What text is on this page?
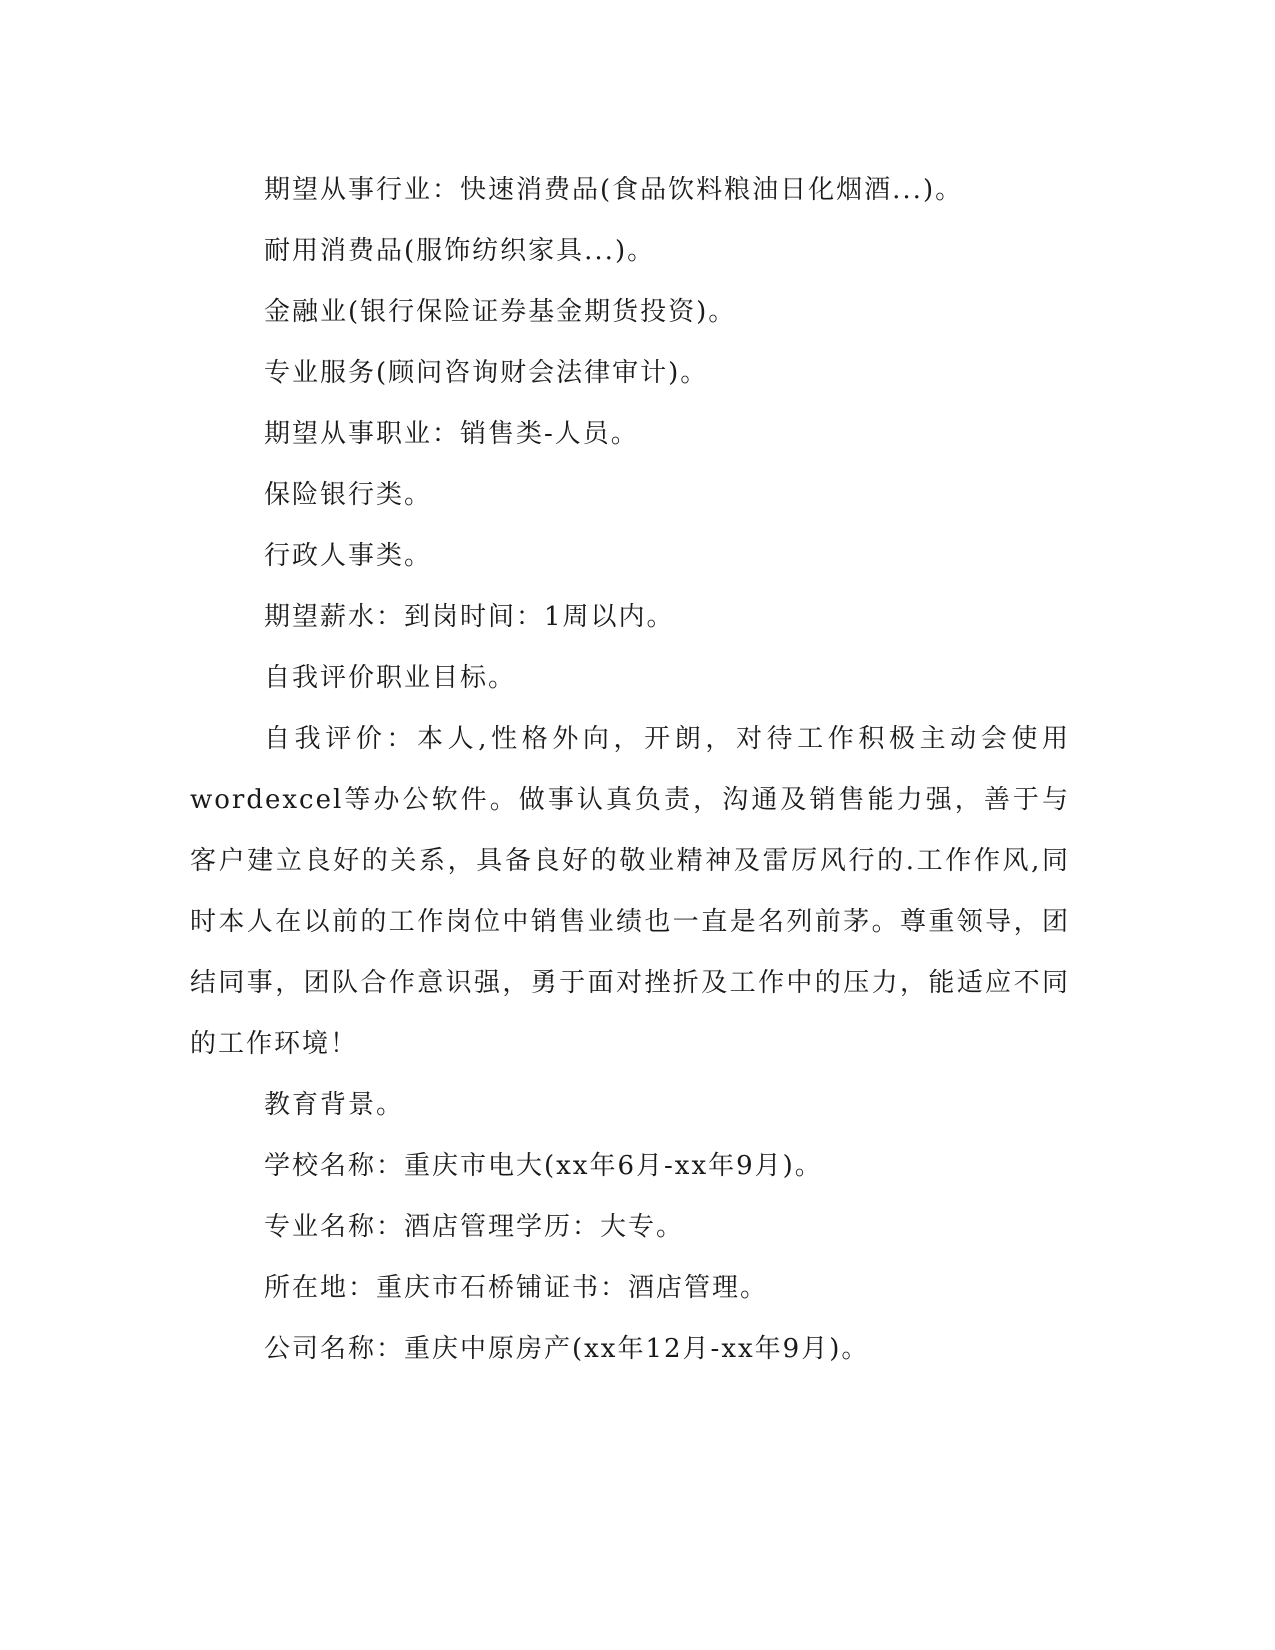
期望从事行业：快速消费品(食品饮料粮油日化烟酒...)。

耐用消费品(服饰纺织家具...)。

金融业(银行保险证券基金期货投资)。

专业服务(顾问咨询财会法律审计)。

期望从事职业：销售类-人员。

保险银行类。

行政人事类。

期望薪水：到岗时间：1周以内。

自我评价职业目标。

自我评价：本人,性格外向，开朗，对待工作积极主动会使用wordexcel等办公软件。做事认真负责，沟通及销售能力强，善于与客户建立良好的关系，具备良好的敬业精神及雷厉风行的.工作作风,同时本人在以前的工作岗位中销售业绩也一直是名列前茅。尊重领导，团结同事，团队合作意识强，勇于面对挫折及工作中的压力，能适应不同的工作环境！

教育背景。

学校名称：重庆市电大(xx年6月-xx年9月)。

专业名称：酒店管理学历：大专。

所在地：重庆市石桥铺证书：酒店管理。

公司名称：重庆中原房产(xx年12月-xx年9月)。
